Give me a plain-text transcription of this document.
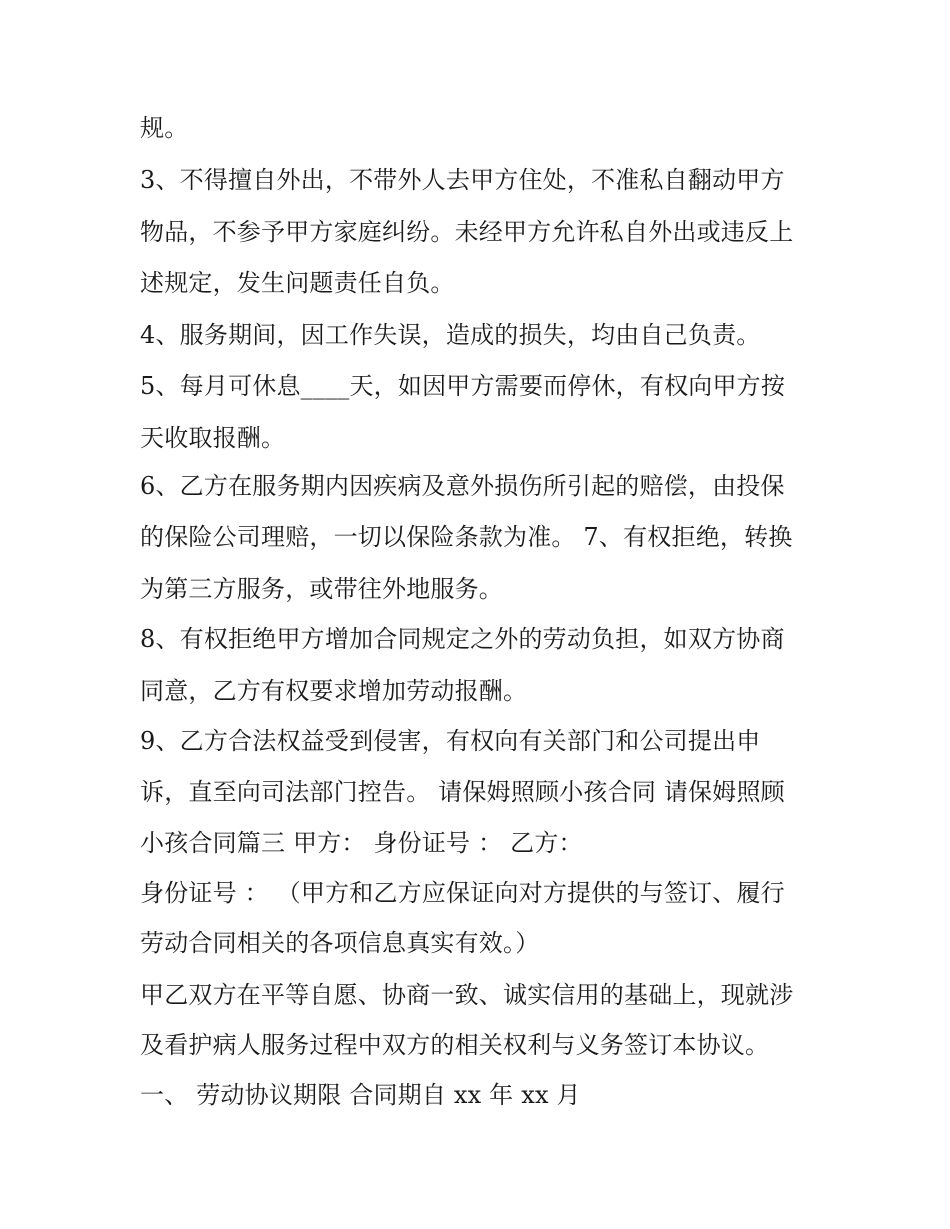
规。
3、不得擅自外出，不带外人去甲方住处，不准私自翻动甲方
物品，不参予甲方家庭纠纷。未经甲方允许私自外出或违反上
述规定，发生问题责任自负。
4、服务期间，因工作失误，造成的损失，均由自己负责。
5、每月可休息____天，如因甲方需要而停休，有权向甲方按
天收取报酬。
6、乙方在服务期内因疾病及意外损伤所引起的赔偿，由投保
的保险公司理赔，一切以保险条款为准。 7、有权拒绝，转换
为第三方服务，或带往外地服务。
8、有权拒绝甲方增加合同规定之外的劳动负担，如双方协商
同意，乙方有权要求增加劳动报酬。
9、乙方合法权益受到侵害，有权向有关部门和公司提出申
诉，直至向司法部门控告。 请保姆照顾小孩合同 请保姆照顾
小孩合同篇三 甲方： 身份证号 ： 乙方：
身份证号 ： （甲方和乙方应保证向对方提供的与签订、履行
劳动合同相关的各项信息真实有效。）
甲乙双方在平等自愿、协商一致、诚实信用的基础上，现就涉
及看护病人服务过程中双方的相关权利与义务签订本协议。
一、 劳动协议期限 合同期自 xx 年 xx 月
